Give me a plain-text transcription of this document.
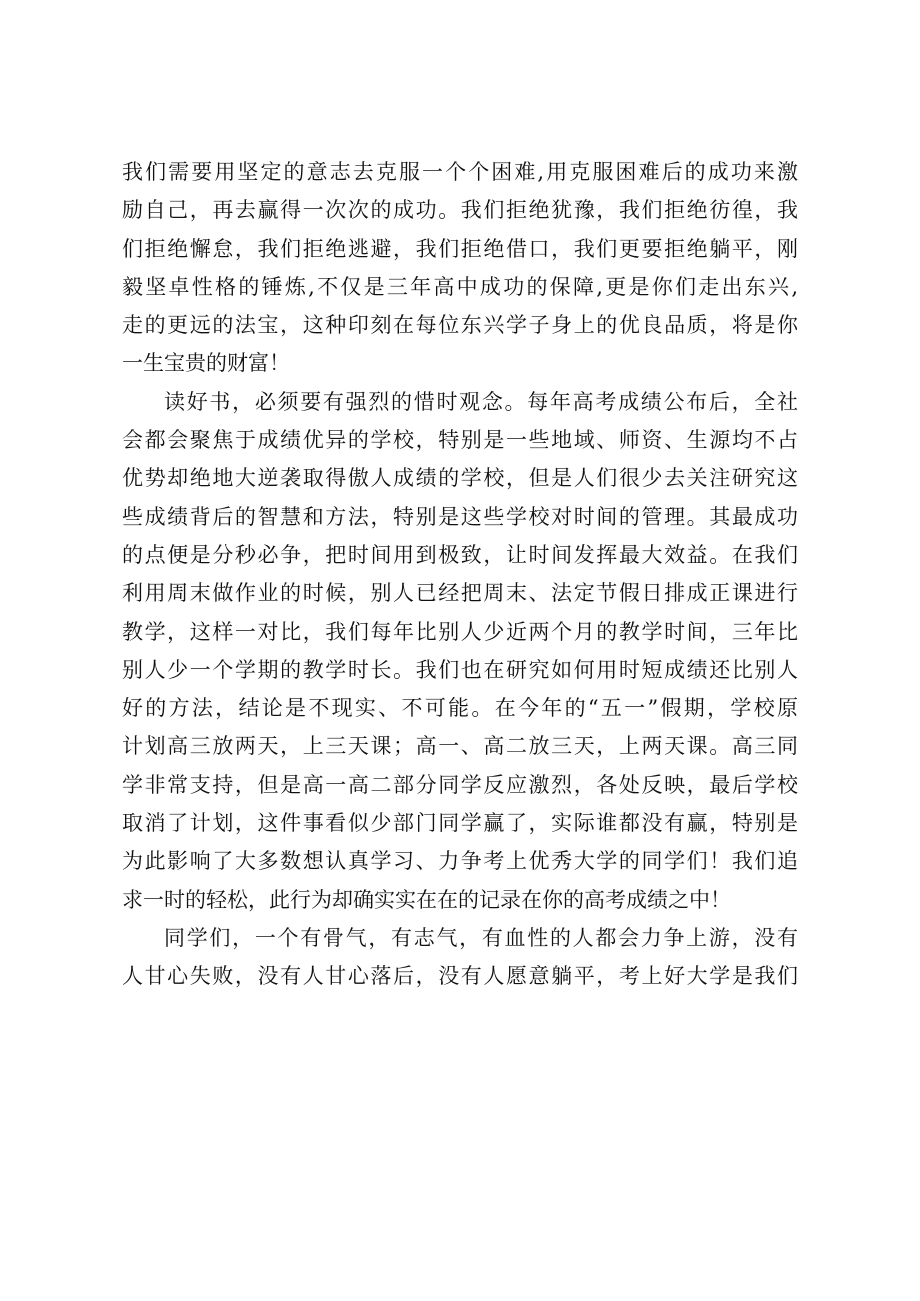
我们需要用坚定的意志去克服一个个困难,用克服困难后的成功来激
励自己，再去赢得一次次的成功。我们拒绝犹豫，我们拒绝彷徨，我
们拒绝懈怠，我们拒绝逃避，我们拒绝借口，我们更要拒绝躺平，刚
毅坚卓性格的锤炼,不仅是三年高中成功的保障,更是你们走出东兴,
走的更远的法宝，这种印刻在每位东兴学子身上的优良品质，将是你
一生宝贵的财富！
读好书，必须要有强烈的惜时观念。每年高考成绩公布后，全社
会都会聚焦于成绩优异的学校，特别是一些地域、师资、生源均不占
优势却绝地大逆袭取得傲人成绩的学校，但是人们很少去关注研究这
些成绩背后的智慧和方法，特别是这些学校对时间的管理。其最成功
的点便是分秒必争，把时间用到极致，让时间发挥最大效益。在我们
利用周末做作业的时候，别人已经把周末、法定节假日排成正课进行
教学，这样一对比，我们每年比别人少近两个月的教学时间，三年比
别人少一个学期的教学时长。我们也在研究如何用时短成绩还比别人
好的方法，结论是不现实、不可能。在今年的“五一”假期，学校原
计划高三放两天，上三天课；高一、高二放三天，上两天课。高三同
学非常支持，但是高一高二部分同学反应激烈，各处反映，最后学校
取消了计划，这件事看似少部门同学赢了，实际谁都没有赢，特别是
为此影响了大多数想认真学习、力争考上优秀大学的同学们！我们追
求一时的轻松，此行为却确实实在在的记录在你的高考成绩之中！
同学们，一个有骨气，有志气，有血性的人都会力争上游，没有
人甘心失败，没有人甘心落后，没有人愿意躺平，考上好大学是我们
